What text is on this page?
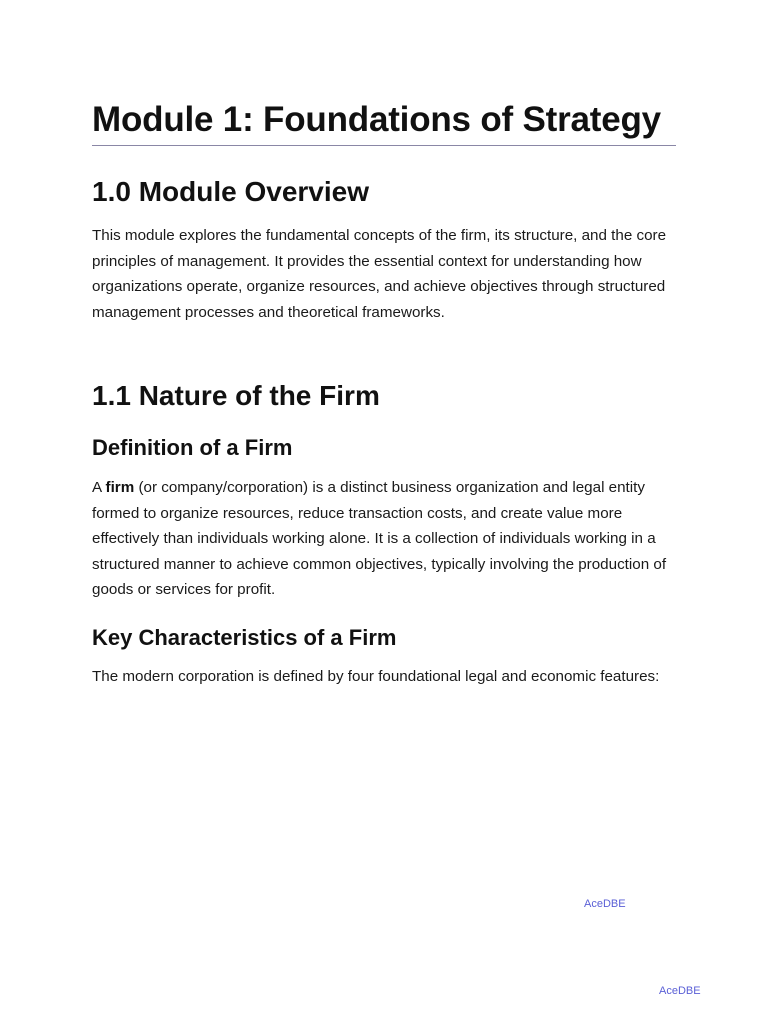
Module 1: Foundations of Strategy
1.0 Module Overview

This module explores the fundamental concepts of the firm, its structure, and the core principles of management. It provides the essential context for understanding how organizations operate, organize resources, and achieve objectives through structured management processes and theoretical frameworks.

1.1 Nature of the Firm
Definition of a Firm

A firm (or company/corporation) is a distinct business organization and legal entity formed to organize resources, reduce transaction costs, and create value more effectively than individuals working alone. It is a collection of individuals working in a structured manner to achieve common objectives, typically involving the production of goods or services for profit.

Key Characteristics of a Firm

The modern corporation is defined by four foundational legal and economic features:

AceDBE
AceDBE
